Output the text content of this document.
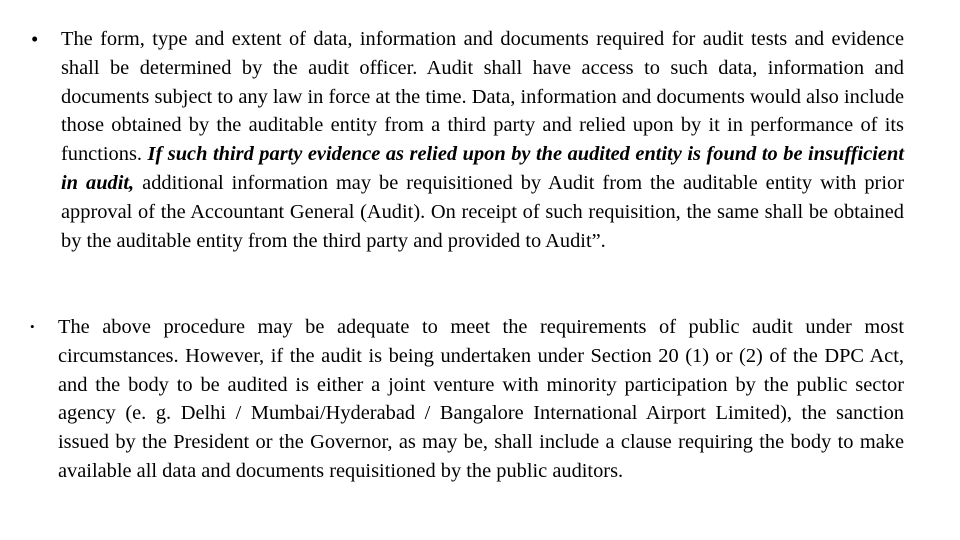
• The form, type and extent of data, information and documents required for audit tests and evidence shall be determined by the audit officer. Audit shall have access to such data, information and documents subject to any law in force at the time. Data, information and documents would also include those obtained by the auditable entity from a third party and relied upon by it in performance of its functions. If such third party evidence as relied upon by the audited entity is found to be insufficient in audit, additional information may be requisitioned by Audit from the auditable entity with prior approval of the Accountant General (Audit). On receipt of such requisition, the same shall be obtained by the auditable entity from the third party and provided to Audit”.

• The above procedure may be adequate to meet the requirements of public audit under most circumstances. However, if the audit is being undertaken under Section 20 (1) or (2) of the DPC Act, and the body to be audited is either a joint venture with minority participation by the public sector agency (e. g. Delhi / Mumbai/Hyderabad / Bangalore International Airport Limited), the sanction issued by the President or the Governor, as may be, shall include a clause requiring the body to make available all data and documents requisitioned by the public auditors.
